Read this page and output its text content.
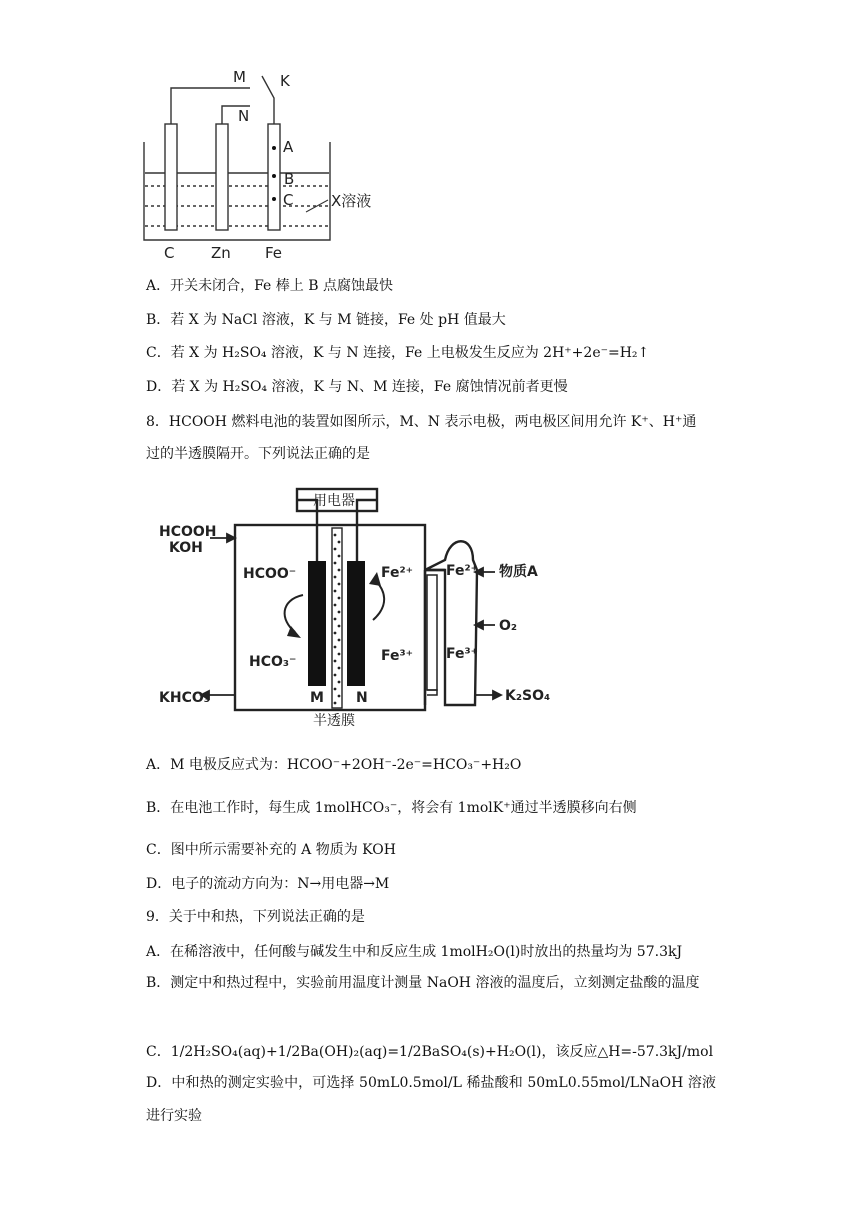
M K
N
A
B
C	X溶液
C Zn Fe
A．开关未闭合，Fe 棒上 B 点腐蚀最快
B．若 X 为 NaCl 溶液，K 与 M 链接，Fe 处 pH 值最大
C．若 X 为 H₂SO₄ 溶液，K 与 N 连接，Fe 上电极发生反应为 2H⁺+2e⁻=H₂↑
D．若 X 为 H₂SO₄ 溶液，K 与 N、M 连接，Fe 腐蚀情况前者更慢
8．HCOOH 燃料电池的装置如图所示，M、N 表示电极，两电极区间用允许 K⁺、H⁺通
过的半透膜隔开。下列说法正确的是
用电器
HCOOH
KOH
HCOO⁻
HCO₃⁻
Fe²⁺
Fe³⁺
M N
半透膜
KHCO₃
Fe²⁺
Fe³⁺
物质A
O₂
K₂SO₄
A．M 电极反应式为：HCOO⁻+2OH⁻-2e⁻=HCO₃⁻+H₂O
B．在电池工作时，每生成 1molHCO₃⁻，将会有 1molK⁺通过半透膜移向右侧
C．图中所示需要补充的 A 物质为 KOH
D．电子的流动方向为：N→用电器→M
9．关于中和热，下列说法正确的是
A．在稀溶液中，任何酸与碱发生中和反应生成 1molH₂O(l)时放出的热量均为 57.3kJ
B．测定中和热过程中，实验前用温度计测量 NaOH 溶液的温度后，立刻测定盐酸的温度
C．1/2H₂SO₄(aq)+1/2Ba(OH)₂(aq)=1/2BaSO₄(s)+H₂O(l)，该反应△H=-57.3kJ/mol
D．中和热的测定实验中，可选择 50mL0.5mol/L 稀盐酸和 50mL0.55mol/LNaOH 溶液进行实验
